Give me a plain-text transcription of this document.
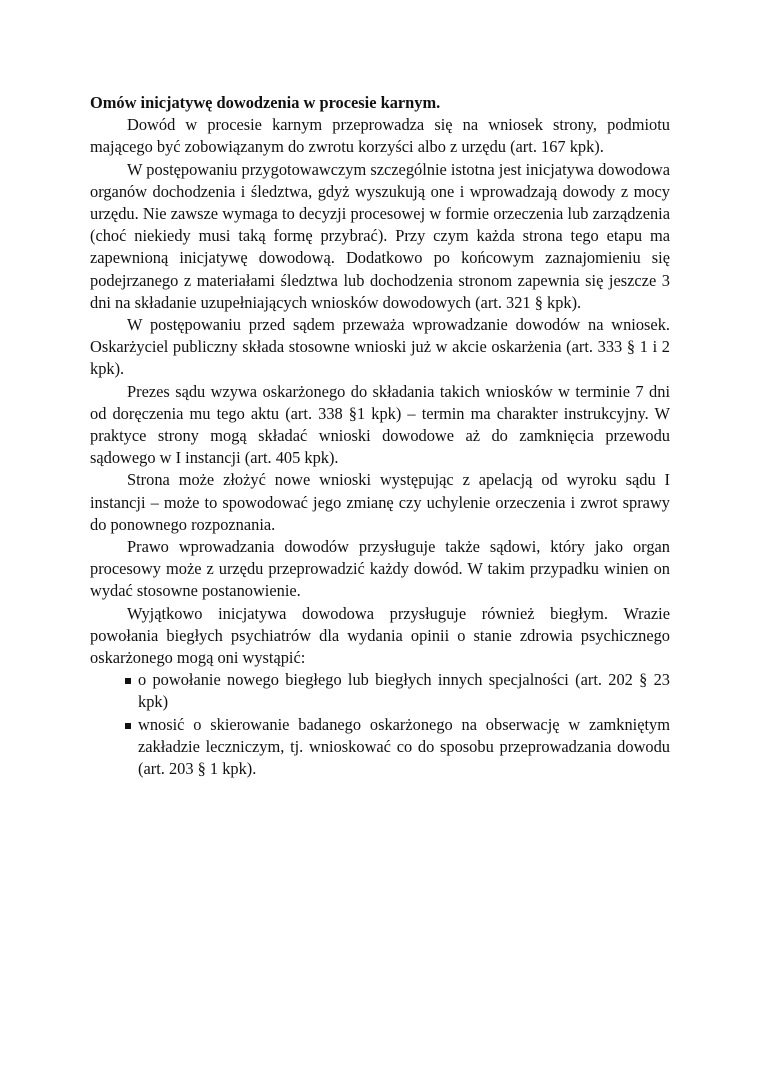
Omów inicjatywę dowodzenia w procesie karnym.

Dowód w procesie karnym przeprowadza się na wniosek strony, podmiotu mającego być zobowiązanym do zwrotu korzyści albo z urzędu (art. 167 kpk).

W postępowaniu przygotowawczym szczególnie istotna jest inicjatywa dowodowa organów dochodzenia i śledztwa, gdyż wyszukują one i wprowadzają dowody z mocy urzędu. Nie zawsze wymaga to decyzji procesowej w formie orzeczenia lub zarządzenia (choć niekiedy musi taką formę przybrać). Przy czym każda strona tego etapu ma zapewnioną inicjatywę dowodową. Dodatkowo po końcowym zaznajomieniu się podejrzanego z materiałami śledztwa lub dochodzenia stronom zapewnia się jeszcze 3 dni na składanie uzupełniających wniosków dowodowych (art. 321 § kpk).

W postępowaniu przed sądem przeważa wprowadzanie dowodów na wniosek. Oskarżyciel publiczny składa stosowne wnioski już w akcie oskarżenia (art. 333 § 1 i 2 kpk).

Prezes sądu wzywa oskarżonego do składania takich wniosków w terminie 7 dni od doręczenia mu tego aktu (art. 338 §1 kpk) – termin ma charakter instrukcyjny. W praktyce strony mogą składać wnioski dowodowe aż do zamknięcia przewodu sądowego w I instancji (art. 405 kpk).

Strona może złożyć nowe wnioski występując z apelacją od wyroku sądu I instancji – może to spowodować jego zmianę czy uchylenie orzeczenia i zwrot sprawy do ponownego rozpoznania.

Prawo wprowadzania dowodów przysługuje także sądowi, który jako organ procesowy może z urzędu przeprowadzić każdy dowód. W takim przypadku winien on wydać stosowne postanowienie.

Wyjątkowo inicjatywa dowodowa przysługuje również biegłym. Wrazie powołania biegłych psychiatrów dla wydania opinii o stanie zdrowia psychicznego oskarżonego mogą oni wystąpić:

o powołanie nowego biegłego lub biegłych innych specjalności (art. 202 § 23 kpk)
wnosić o skierowanie badanego oskarżonego na obserwację w zamkniętym zakładzie leczniczym, tj. wnioskować co do sposobu przeprowadzania dowodu (art. 203 § 1 kpk).
